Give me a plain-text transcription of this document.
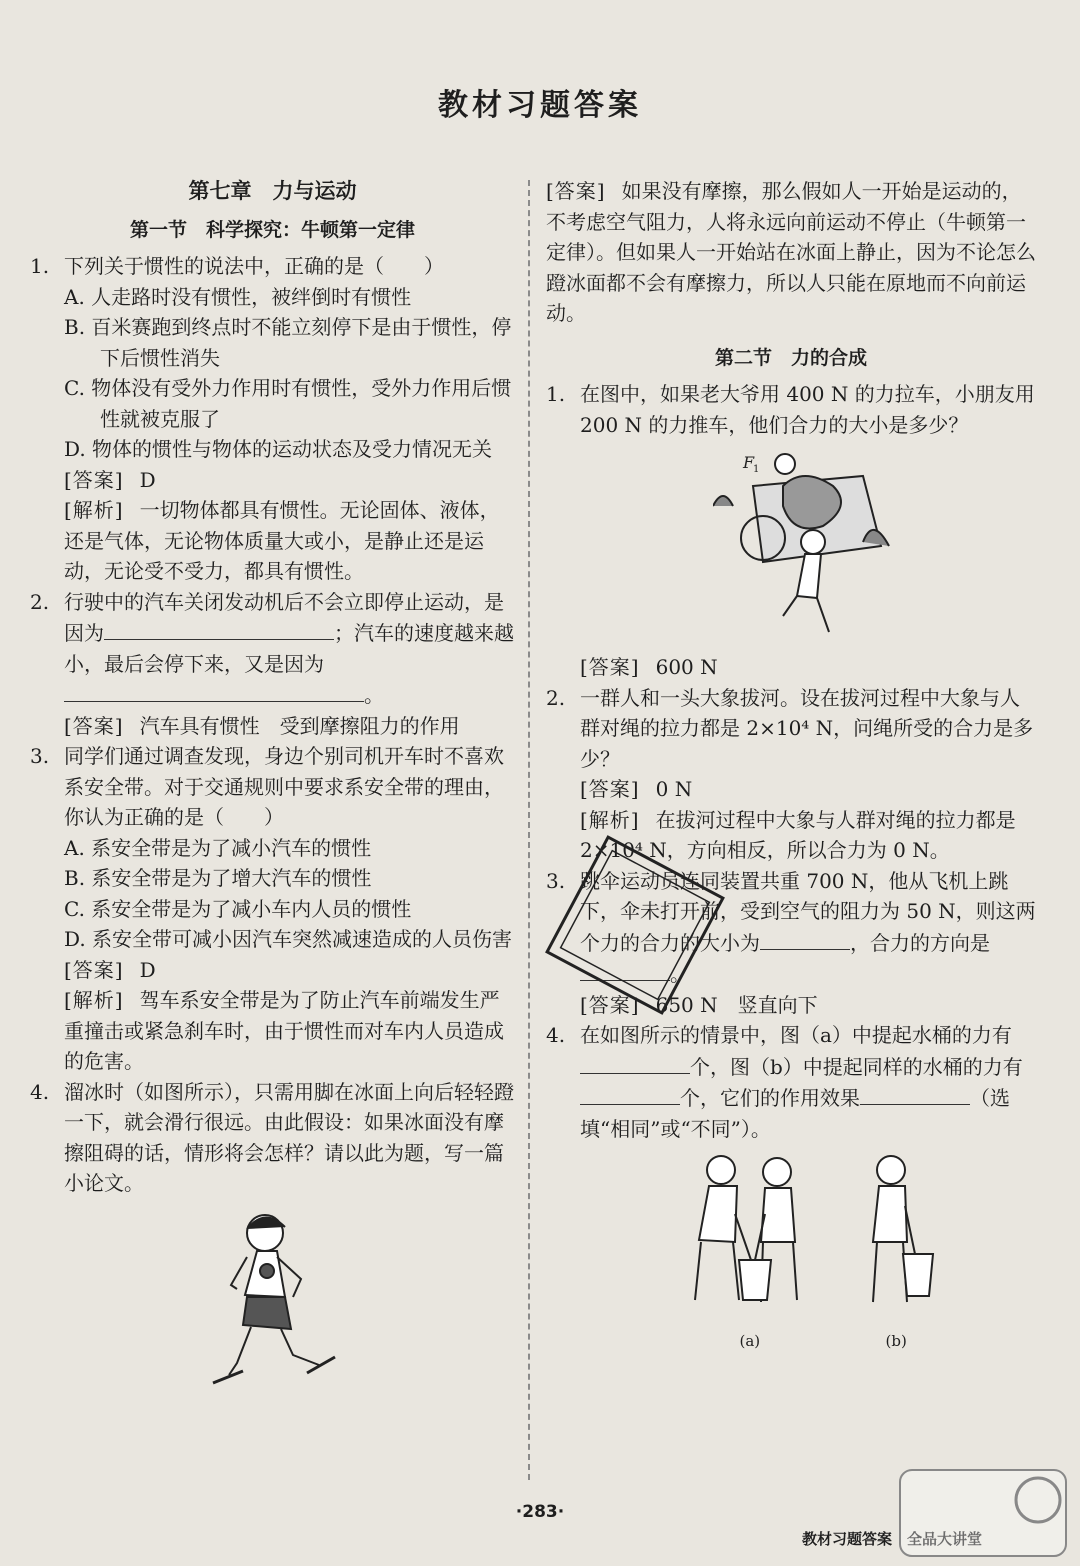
教材习题答案
第七章　力与运动
第一节　科学探究：牛顿第一定律
1. 下列关于惯性的说法中，正确的是（　　）
A. 人走路时没有惯性，被绊倒时有惯性
B. 百米赛跑到终点时不能立刻停下是由于惯性，停下后惯性消失
C. 物体没有受外力作用时有惯性，受外力作用后惯性就被克服了
D. 物体的惯性与物体的运动状态及受力情况无关
[答案] D
[解析] 一切物体都具有惯性。无论固体、液体，还是气体，无论物体质量大或小，是静止还是运动，无论受不受力，都具有惯性。
2. 行驶中的汽车关闭发动机后不会立即停止运动，是因为	；汽车的速度越来越小，最后会停下来，又是因为
。
[答案] 汽车具有惯性　受到摩擦阻力的作用
3. 同学们通过调查发现，身边个别司机开车时不喜欢系安全带。对于交通规则中要求系安全带的理由，你认为正确的是（　　）
A. 系安全带是为了减小汽车的惯性
B. 系安全带是为了增大汽车的惯性
C. 系安全带是为了减小车内人员的惯性
D. 系安全带可减小因汽车突然减速造成的人员伤害
[答案] D
[解析] 驾车系安全带是为了防止汽车前端发生严重撞击或紧急刹车时，由于惯性而对车内人员造成的危害。
4. 溜冰时（如图所示），只需用脚在冰面上向后轻轻蹬一下，就会滑行很远。由此假设：如果冰面没有摩擦阻碍的话，情形将会怎样？请以此为题，写一篇小论文。
[答案] 如果没有摩擦，那么假如人一开始是运动的，不考虑空气阻力，人将永远向前运动不停止（牛顿第一定律）。但如果人一开始站在冰面上静止，因为不论怎么蹬冰面都不会有摩擦力，所以人只能在原地而不向前运动。
第二节　力的合成
1. 在图中，如果老大爷用 400 N 的力拉车，小朋友用 200 N 的力推车，他们合力的大小是多少？
F
1
[答案] 600 N
2. 一群人和一头大象拔河。设在拔河过程中大象与人群对绳的拉力都是 2×10⁴ N，问绳所受的合力是多少？
[答案] 0 N
[解析] 在拔河过程中大象与人群对绳的拉力都是 2×10⁴ N，方向相反，所以合力为 0 N。
3. 跳伞运动员连同装置共重 700 N，他从飞机上跳下，伞未打开前，受到空气的阻力为 50 N，则这两个力的合力的大小为	，合力的方向是。
[答案] 650 N　竖直向下
4. 在如图所示的情景中，图（a）中提起水桶的力有个，图（b）中提起同样的水桶的力有个，它们的作用效果	（选填“相同”或“不同”）。
(a)
	(b)
·283·
教材习题答案　全品大讲堂
